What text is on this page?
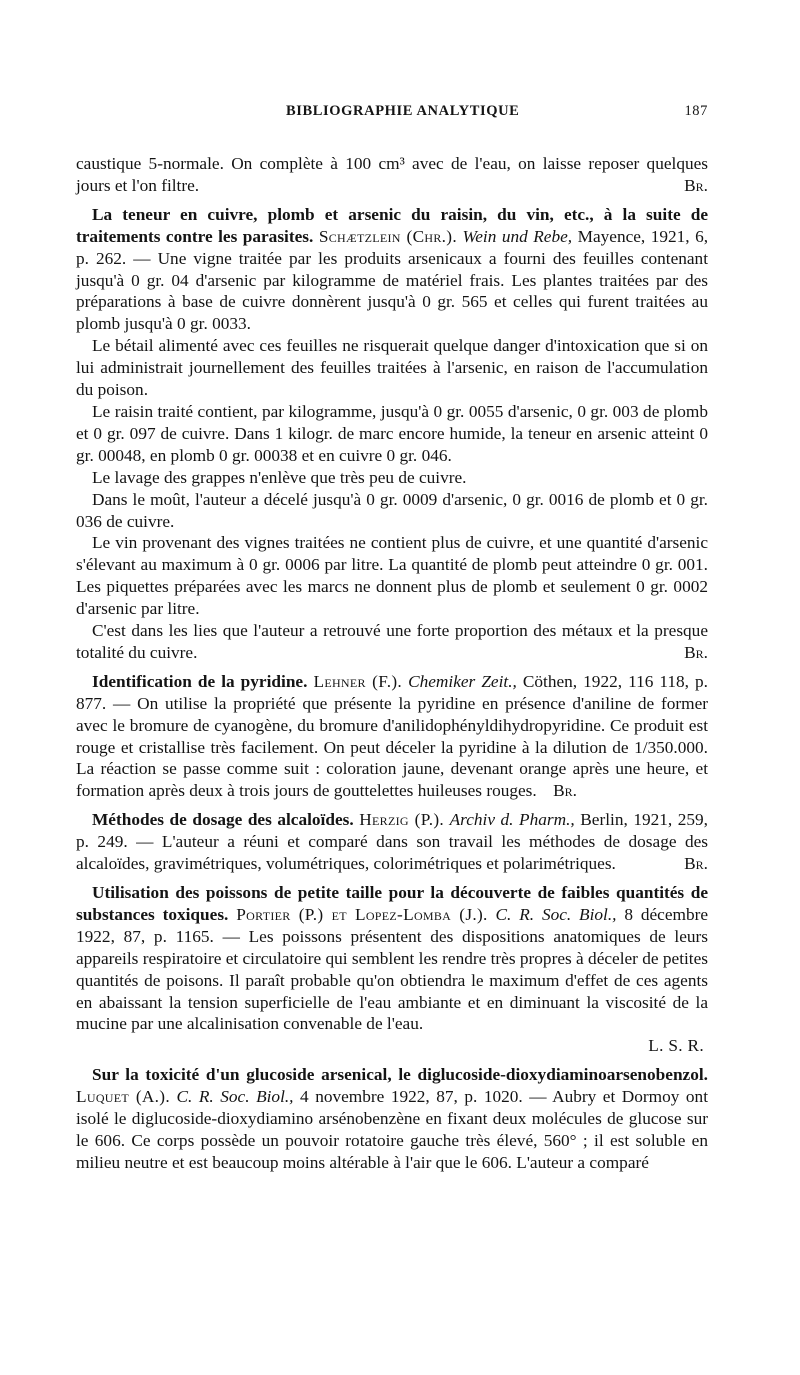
BIBLIOGRAPHIE ANALYTIQUE	187

caustique 5-normale. On complète à 100 cm³ avec de l'eau, on laisse reposer quelques jours et l'on filtre.	Br.

La teneur en cuivre, plomb et arsenic du raisin, du vin, etc., à la suite de traitements contre les parasites. Schætzlein (Chr.). Wein und Rebe, Mayence, 1921, 6, p. 262. — Une vigne traitée par les produits arsenicaux a fourni des feuilles contenant jusqu'à 0 gr. 04 d'arsenic par kilogramme de matériel frais. Les plantes traitées par des préparations à base de cuivre donnèrent jusqu'à 0 gr. 565 et celles qui furent traitées au plomb jusqu'à 0 gr. 0033.

Le bétail alimenté avec ces feuilles ne risquerait quelque danger d'intoxication que si on lui administrait journellement des feuilles traitées à l'arsenic, en raison de l'accumulation du poison.

Le raisin traité contient, par kilogramme, jusqu'à 0 gr. 0055 d'arsenic, 0 gr. 003 de plomb et 0 gr. 097 de cuivre. Dans 1 kilogr. de marc encore humide, la teneur en arsenic atteint 0 gr. 00048, en plomb 0 gr. 00038 et en cuivre 0 gr. 046.

Le lavage des grappes n'enlève que très peu de cuivre.

Dans le moût, l'auteur a décelé jusqu'à 0 gr. 0009 d'arsenic, 0 gr. 0016 de plomb et 0 gr. 036 de cuivre.

Le vin provenant des vignes traitées ne contient plus de cuivre, et une quantité d'arsenic s'élevant au maximum à 0 gr. 0006 par litre. La quantité de plomb peut atteindre 0 gr. 001. Les piquettes préparées avec les marcs ne donnent plus de plomb et seulement 0 gr. 0002 d'arsenic par litre.

C'est dans les lies que l'auteur a retrouvé une forte proportion des métaux et la presque totalité du cuivre.	Br.

Identification de la pyridine. Lehner (F.). Chemiker Zeit., Cöthen, 1922, 116 118, p. 877. — On utilise la propriété que présente la pyridine en présence d'aniline de former avec le bromure de cyanogène, du bromure d'anilidophényldihydropyridine. Ce produit est rouge et cristallise très facilement. On peut déceler la pyridine à la dilution de 1/350.000. La réaction se passe comme suit : coloration jaune, devenant orange après une heure, et formation après deux à trois jours de gouttelettes huileuses rouges. Br.

Méthodes de dosage des alcaloïdes. Herzig (P.). Archiv d. Pharm., Berlin, 1921, 259, p. 249. — L'auteur a réuni et comparé dans son travail les méthodes de dosage des alcaloïdes, gravimétriques, volumétriques, colorimétriques et polarimétriques.	Br.

Utilisation des poissons de petite taille pour la découverte de faibles quantités de substances toxiques. Portier (P.) et Lopez-Lomba (J.). C. R. Soc. Biol., 8 décembre 1922, 87, p. 1165. — Les poissons présentent des dispositions anatomiques de leurs appareils respiratoire et circulatoire qui semblent les rendre très propres à déceler de petites quantités de poisons. Il paraît probable qu'on obtiendra le maximum d'effet de ces agents en abaissant la tension superficielle de l'eau ambiante et en diminuant la viscosité de la mucine par une alcalinisation convenable de l'eau.

L. S. R.

Sur la toxicité d'un glucoside arsenical, le diglucoside-dioxydiaminoarsenobenzol. Luquet (A.). C. R. Soc. Biol., 4 novembre 1922, 87, p. 1020. — Aubry et Dormoy ont isolé le diglucoside-dioxydiamino arsénobenzène en fixant deux molécules de glucose sur le 606. Ce corps possède un pouvoir rotatoire gauche très élevé, 560° ; il est soluble en milieu neutre et est beaucoup moins altérable à l'air que le 606. L'auteur a comparé
